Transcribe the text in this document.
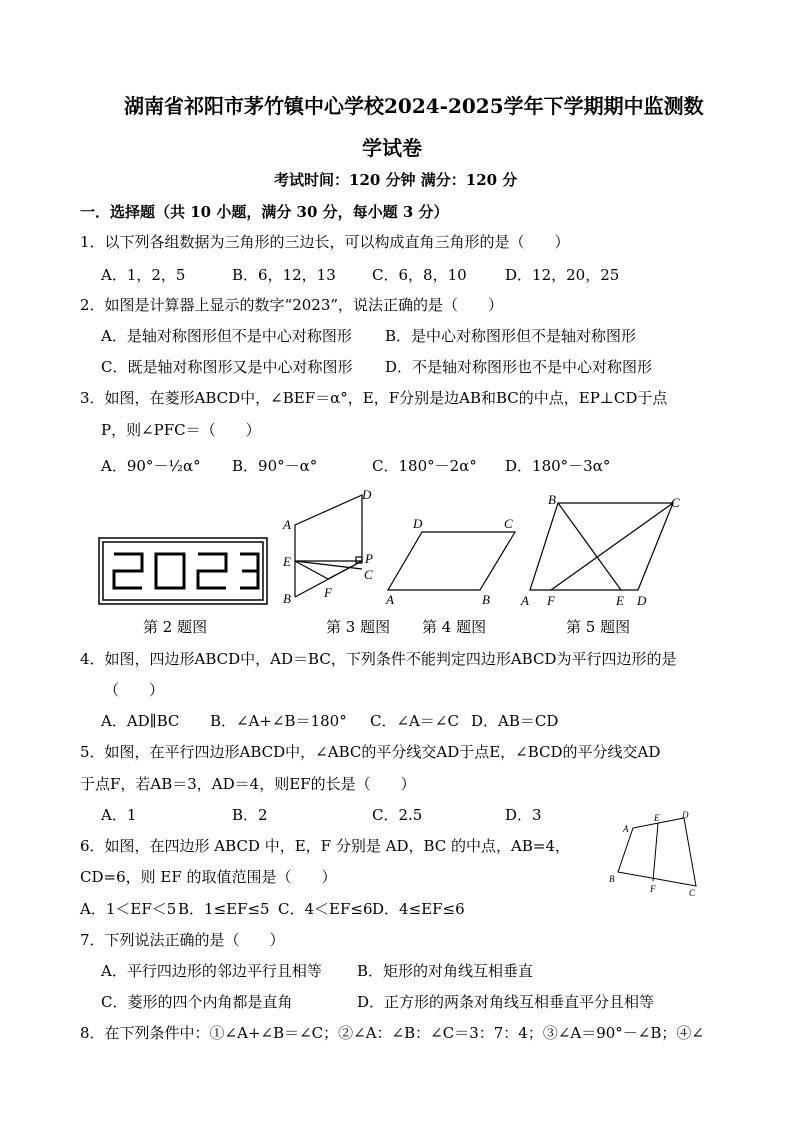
湖南省祁阳市茅竹镇中心学校2024-2025学年下学期期中监测数
学试卷
考试时间：120 分钟 满分：120 分
一．选择题（共 10 小题，满分 30 分，每小题 3 分）
1．以下列各组数据为三角形的三边长，可以构成直角三角形的是（　　）
A．1，2，5	B．6，12，13 C．6，8，10	D．12，20，25
2．如图是计算器上显示的数字“2023”，说法正确的是（　　）
A．是轴对称图形但不是中心对称图形 B．是中心对称图形但不是轴对称图形
C．既是轴对称图形又是中心对称图形 D．不是轴对称图形也不是中心对称图形
3．如图，在菱形ABCD中，∠BEF＝α°，E，F分别是边AB和BC的中点，EP⊥CD于点
P，则∠PFC＝（　　）
A．90°－½α° B．90°－α°	C．180°－2α° D．180°－3α°
第 2 题图
A
B
C
D
E
F
P
第 3 题图
A	B
C
D
第 4 题图
A F	E D
B	C
第 5 题图
4．如图，四边形ABCD中，AD＝BC，下列条件不能判定四边形ABCD为平行四边形的是
（　　）
A．AD∥BC B．∠A+∠B＝180° C．∠A＝∠C D．AB＝CD
5．如图，在平行四边形ABCD中，∠ABC的平分线交AD于点E，∠BCD的平分线交AD
于点F，若AB＝3，AD＝4，则EF的长是（　　）
A．1	B．2	C．2.5	D．3
6．如图，在四边形 ABCD 中，E，F 分别是 AD，BC 的中点，AB=4，
CD=6，则 EF 的取值范围是（　　）
A．1＜EF＜5 B．1≤EF≤5 C．4＜EF≤6 D．4≤EF≤6
A
E	D
B
F	C
7．下列说法正确的是（　　）
A．平行四边形的邻边平行且相等 B．矩形的对角线互相垂直
C．菱形的四个内角都是直角	D．正方形的两条对角线互相垂直平分且相等
8．在下列条件中：①∠A+∠B＝∠C；②∠A：∠B：∠C＝3：7：4；③∠A＝90°－∠B；④∠
